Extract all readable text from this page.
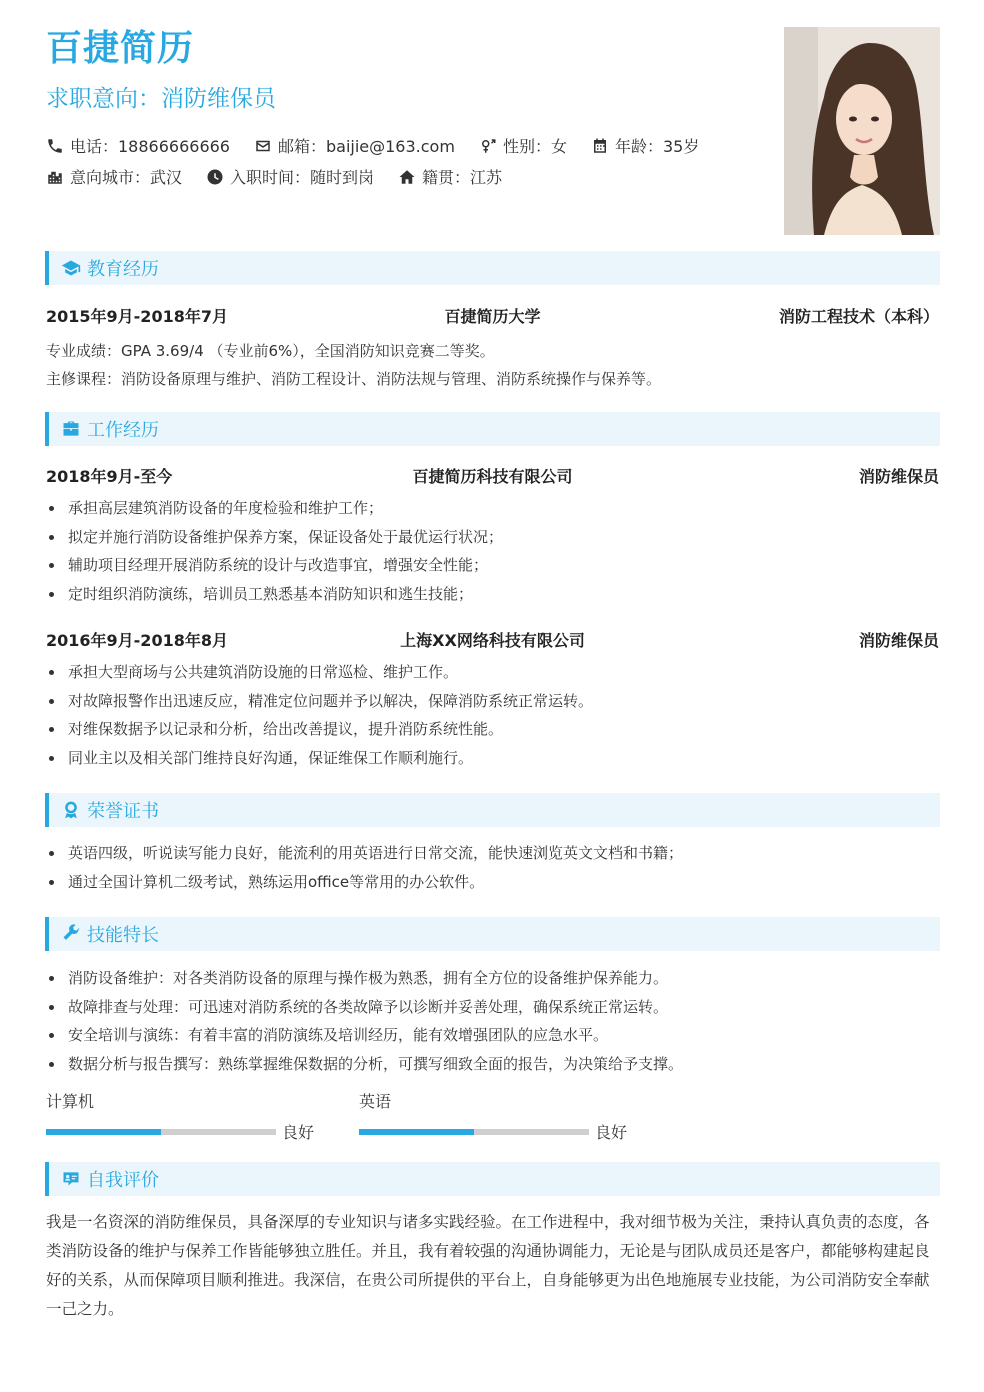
百捷简历
求职意向：消防维保员
电话：18866666666	邮箱：baijie@163.com	性别：女	年龄：35岁
意向城市：武汉	入职时间：随时到岗	籍贯：江苏
教育经历
2015年9月-2018年7月	百捷简历大学	消防工程技术（本科）
专业成绩：GPA 3.69/4 （专业前6%），全国消防知识竞赛二等奖。
主修课程：消防设备原理与维护、消防工程设计、消防法规与管理、消防系统操作与保养等。
工作经历
2018年9月-至今	百捷简历科技有限公司	消防维保员
承担高层建筑消防设备的年度检验和维护工作；
拟定并施行消防设备维护保养方案，保证设备处于最优运行状况；
辅助项目经理开展消防系统的设计与改造事宜，增强安全性能；
定时组织消防演练，培训员工熟悉基本消防知识和逃生技能；
2016年9月-2018年8月	上海XX网络科技有限公司	消防维保员
承担大型商场与公共建筑消防设施的日常巡检、维护工作。
对故障报警作出迅速反应，精准定位问题并予以解决，保障消防系统正常运转。
对维保数据予以记录和分析，给出改善提议，提升消防系统性能。
同业主以及相关部门维持良好沟通，保证维保工作顺利施行。
荣誉证书
英语四级，听说读写能力良好，能流利的用英语进行日常交流，能快速浏览英文文档和书籍；
通过全国计算机二级考试，熟练运用office等常用的办公软件。
技能特长
消防设备维护：对各类消防设备的原理与操作极为熟悉，拥有全方位的设备维护保养能力。
故障排查与处理：可迅速对消防系统的各类故障予以诊断并妥善处理，确保系统正常运转。
安全培训与演练：有着丰富的消防演练及培训经历，能有效增强团队的应急水平。
数据分析与报告撰写：熟练掌握维保数据的分析，可撰写细致全面的报告，为决策给予支撑。
计算机
良好
英语
良好
自我评价

我是一名资深的消防维保员，具备深厚的专业知识与诸多实践经验。在工作进程中，我对细节极为关注，秉持认真负责的态度，各类消防设备的维护与保养工作皆能够独立胜任。并且，我有着较强的沟通协调能力，无论是与团队成员还是客户，都能够构建起良好的关系，从而保障项目顺利推进。我深信，在贵公司所提供的平台上，自身能够更为出色地施展专业技能，为公司消防安全奉献一己之力。
